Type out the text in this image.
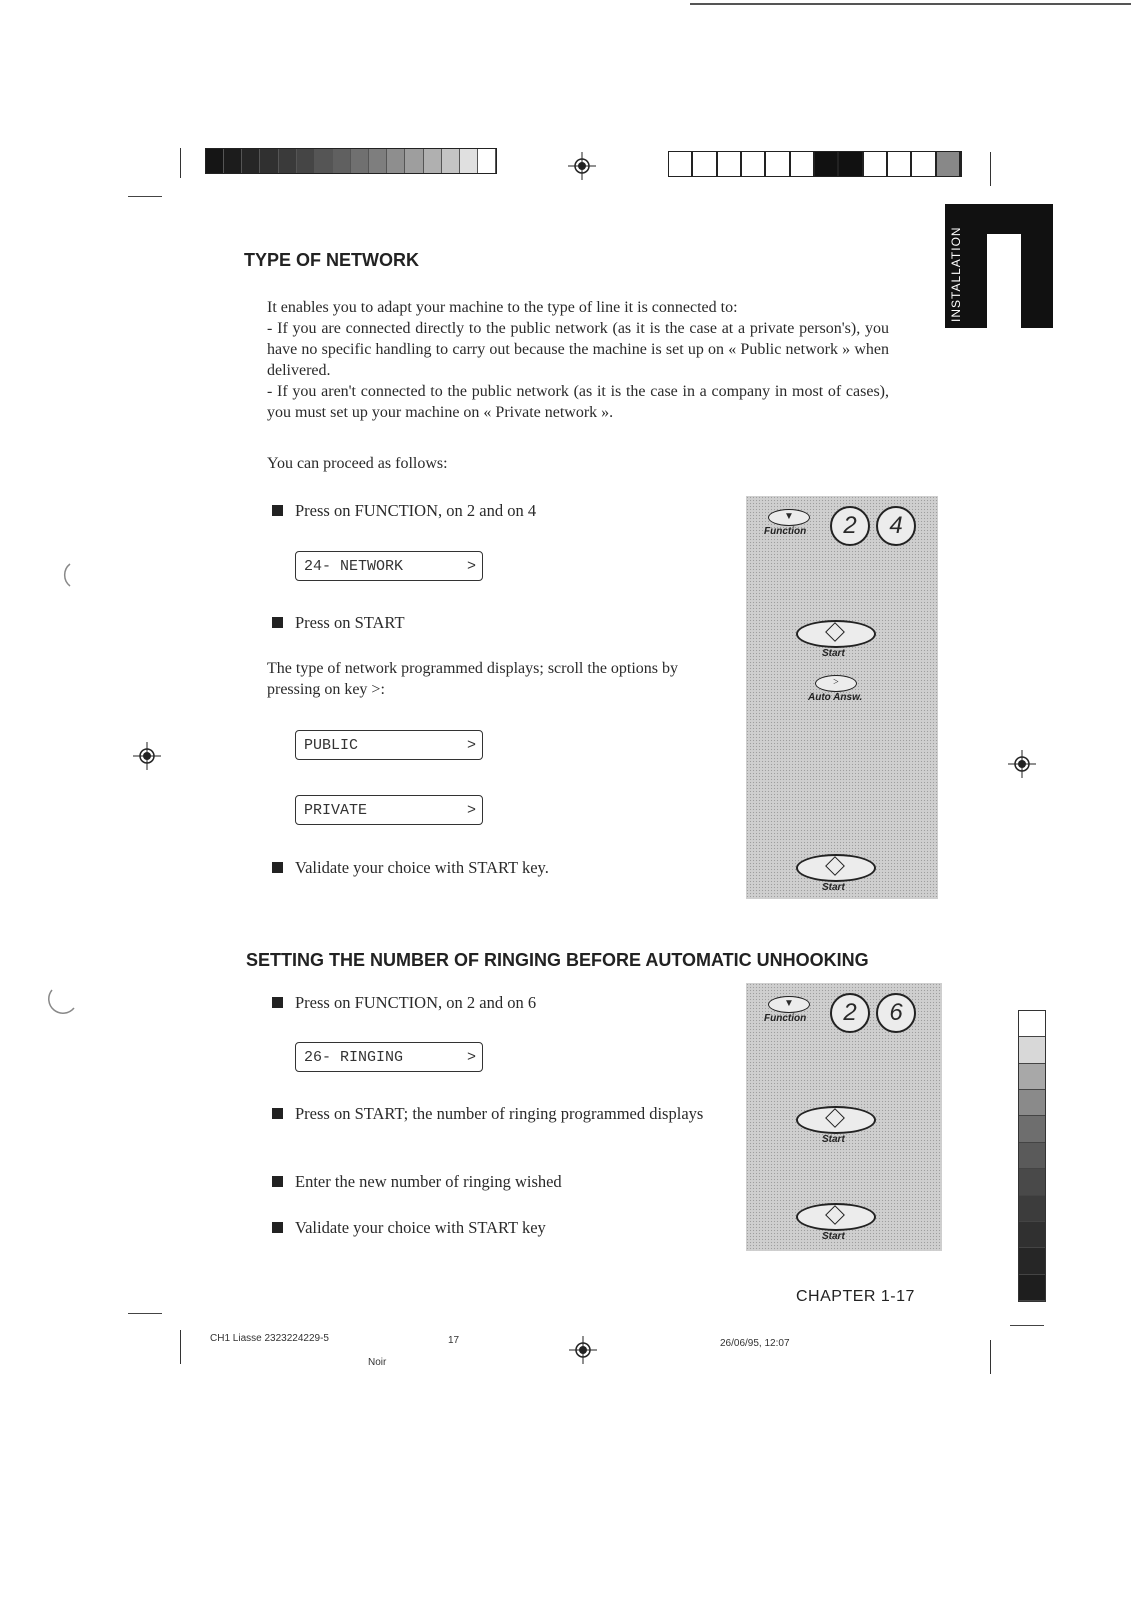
INSTALLATION
TYPE OF NETWORK
It enables you to adapt your machine to the type of line it is connected to:
- If you are connected directly to the public network (as it is the case at a private person's), you have no specific handling to carry out because the machine is set up on « Public network » when delivered.
- If you aren't connected to the public network (as it is the case in a company in most of cases), you must set up your machine on « Private network ».
You can proceed as follows:
Press on FUNCTION, on 2 and on 4
24- NETWORK	>
Press on START
The type of network programmed displays; scroll the options by pressing on key >:
PUBLIC	>
PRIVATE	>
Validate your choice with START key.
▼
Function	2	4
Start
>
Auto Answ.
Start
SETTING THE NUMBER OF RINGING BEFORE AUTOMATIC UNHOOKING
Press on FUNCTION, on 2 and on 6
26- RINGING	>
Press on START; the number of ringing programmed displays
Enter the new number of ringing wished
Validate your choice with START key
▼
Function	2	6
Start
Start
CHAPTER 1-17
CH1 Liasse 2323224229-5	17
Noir
26/06/95, 12:07
